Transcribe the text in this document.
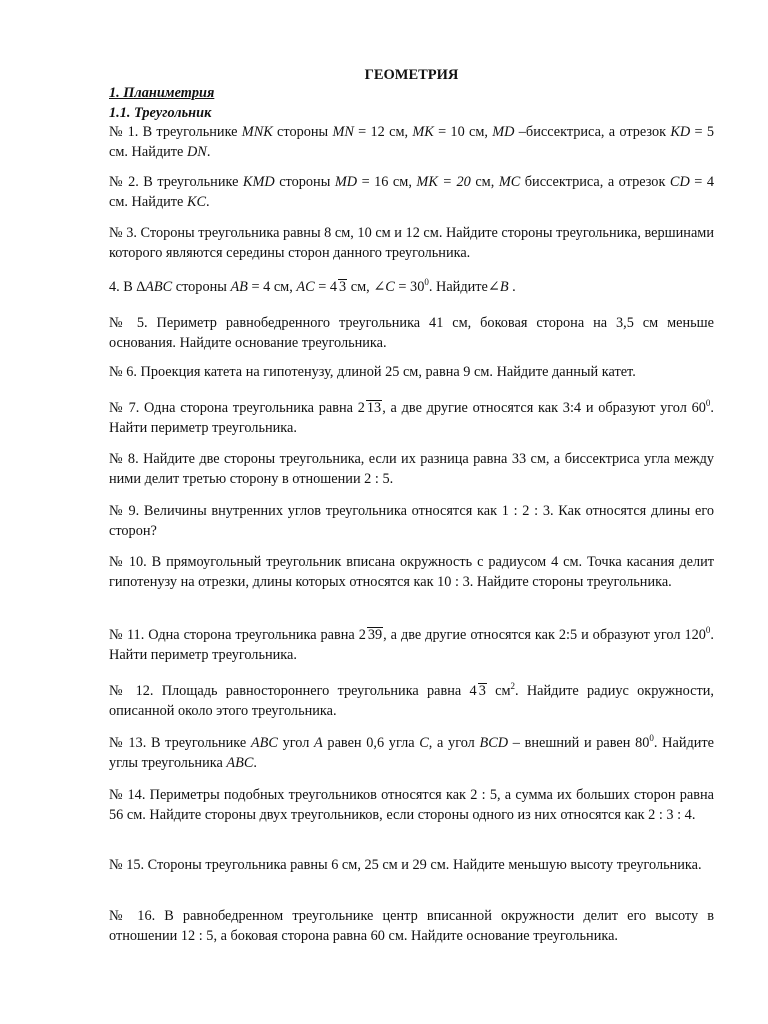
ГЕОМЕТРИЯ

1. Планиметрия

1.1. Треугольник

№ 1. В треугольнике MNK стороны MN = 12 см, MK = 10 см, MD –биссектриса, а отрезок KD = 5 см. Найдите DN.

№ 2. В треугольнике KMD стороны MD = 16 см, MK = 20 см, MC биссектриса, а отрезок CD = 4 см. Найдите KC.

№ 3. Стороны треугольника равны 8 см, 10 см и 12 см. Найдите стороны треугольника, вершинами которого являются середины сторон данного треугольника.

4. В ∆ABC стороны AB = 4 см, AC = 4 3 см, ∠C = $30^0$. Найдите∠B .

№ 5. Периметр равнобедренного треугольника 41 см, боковая сторона на 3,5 см меньше основания. Найдите основание треугольника.

№ 6. Проекция катета на гипотенузу, длиной 25 см, равна 9 см. Найдите данный катет.

№ 7. Одна сторона треугольника равна 2 13, а две другие относятся как 3:4 и образуют угол $60^0$. Найти периметр треугольника.

№ 8. Найдите две стороны треугольника, если их разница равна 33 см, а биссектриса угла между ними делит третью сторону в отношении 2 : 5.

№ 9. Величины внутренних углов треугольника относятся как 1 : 2 : 3. Как относятся длины его сторон?

№ 10. В прямоугольный треугольник вписана окружность с радиусом 4 см. Точка касания делит гипотенузу на отрезки, длины которых относятся как 10 : 3. Найдите стороны треугольника.

№ 11. Одна сторона треугольника равна 2 39, а две другие относятся как 2:5 и образуют угол $120^0$. Найти периметр треугольника.

№ 12. Площадь равностороннего треугольника равна 4 3 $см^2$. Найдите радиус окружности, описанной около этого треугольника.

№ 13. В треугольнике ABC угол A равен 0,6 угла C, а угол BCD – внешний и равен $80^0$. Найдите углы треугольника ABC.

№ 14. Периметры подобных треугольников относятся как 2 : 5, а сумма их больших сторон равна 56 см. Найдите стороны двух треугольников, если стороны одного из них относятся как 2 : 3 : 4.

№ 15. Стороны треугольника равны 6 см, 25 см и 29 см. Найдите меньшую высоту треугольника.

№ 16. В равнобедренном треугольнике центр вписанной окружности делит его высоту в отношении 12 : 5, а боковая сторона равна 60 см. Найдите основание треугольника.
